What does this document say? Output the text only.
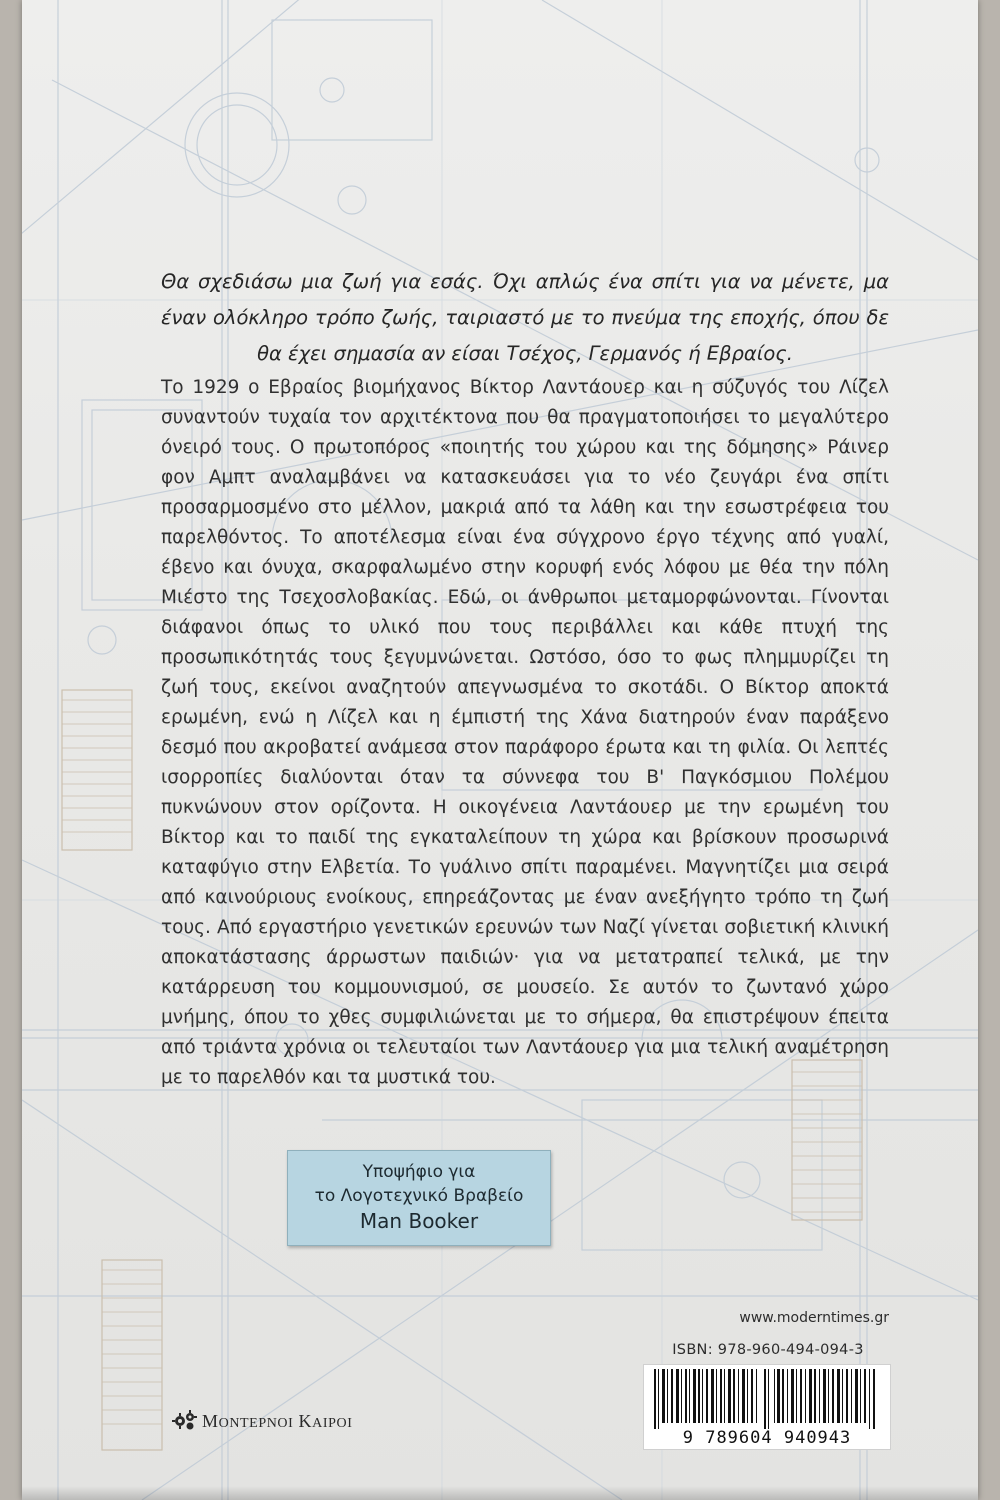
Θα σχεδιάσω μια ζωή για εσάς. Όχι απλώς ένα σπίτι για να μένετε, μα έναν ολόκληρο τρόπο ζωής, ταιριαστό με το πνεύμα της εποχής, όπου δε θα έχει σημασία αν είσαι Τσέχος, Γερμανός ή Εβραίος.

Το 1929 ο Εβραίος βιομήχανος Βίκτορ Λαντάουερ και η σύζυγός του Λίζελ συναντούν τυχαία τον αρχιτέκτονα που θα πραγματοποιήσει το μεγαλύτερο όνειρό τους. Ο πρωτοπόρος «ποιητής του χώρου και της δόμησης» Ράινερ φον Αμπτ αναλαμβάνει να κατασκευάσει για το νέο ζευγάρι ένα σπίτι προσαρμοσμένο στο μέλλον, μακριά από τα λάθη και την εσωστρέφεια του παρελθόντος. Το αποτέλεσμα είναι ένα σύγχρονο έργο τέχνης από γυαλί, έβενο και όνυχα, σκαρφαλωμένο στην κορυφή ενός λόφου με θέα την πόλη Μιέστο της Τσεχοσλοβακίας. Εδώ, οι άνθρωποι μεταμορφώνονται. Γίνονται διάφανοι όπως το υλικό που τους περιβάλλει και κάθε πτυχή της προσωπικότητάς τους ξεγυμνώνεται. Ωστόσο, όσο το φως πλημμυρίζει τη ζωή τους, εκείνοι αναζητούν απεγνωσμένα το σκοτάδι. Ο Βίκτορ αποκτά ερωμένη, ενώ η Λίζελ και η έμπιστή της Χάνα διατηρούν έναν παράξενο δεσμό που ακροβατεί ανάμεσα στον παράφορο έρωτα και τη φιλία. Οι λεπτές ισορροπίες διαλύονται όταν τα σύννεφα του Β' Παγκόσμιου Πολέμου πυκνώνουν στον ορίζοντα. Η οικογένεια Λαντάουερ με την ερωμένη του Βίκτορ και το παιδί της εγκαταλείπουν τη χώρα και βρίσκουν προσωρινά καταφύγιο στην Ελβετία. Το γυάλινο σπίτι παραμένει. Μαγνητίζει μια σειρά από καινούριους ενοίκους, επηρεάζοντας με έναν ανεξήγητο τρόπο τη ζωή τους. Από εργαστήριο γενετικών ερευνών των Ναζί γίνεται σοβιετική κλινική αποκατάστασης άρρωστων παιδιών· για να μετατραπεί τελικά, με την κατάρρευση του κομμουνισμού, σε μουσείο. Σε αυτόν το ζωντανό χώρο μνήμης, όπου το χθες συμφιλιώνεται με το σήμερα, θα επιστρέψουν έπειτα από τριάντα χρόνια οι τελευταίοι των Λαντάουερ για μια τελική αναμέτρηση με το παρελθόν και τα μυστικά του.

Υποψήφιο για
το Λογοτεχνικό Βραβείο
Man Booker
www.moderntimes.gr
ISBN: 978-960-494-094-3
9 789604 940943
ΜΟΝΤΕΡΝΟΙ ΚΑΙΡΟΙ
